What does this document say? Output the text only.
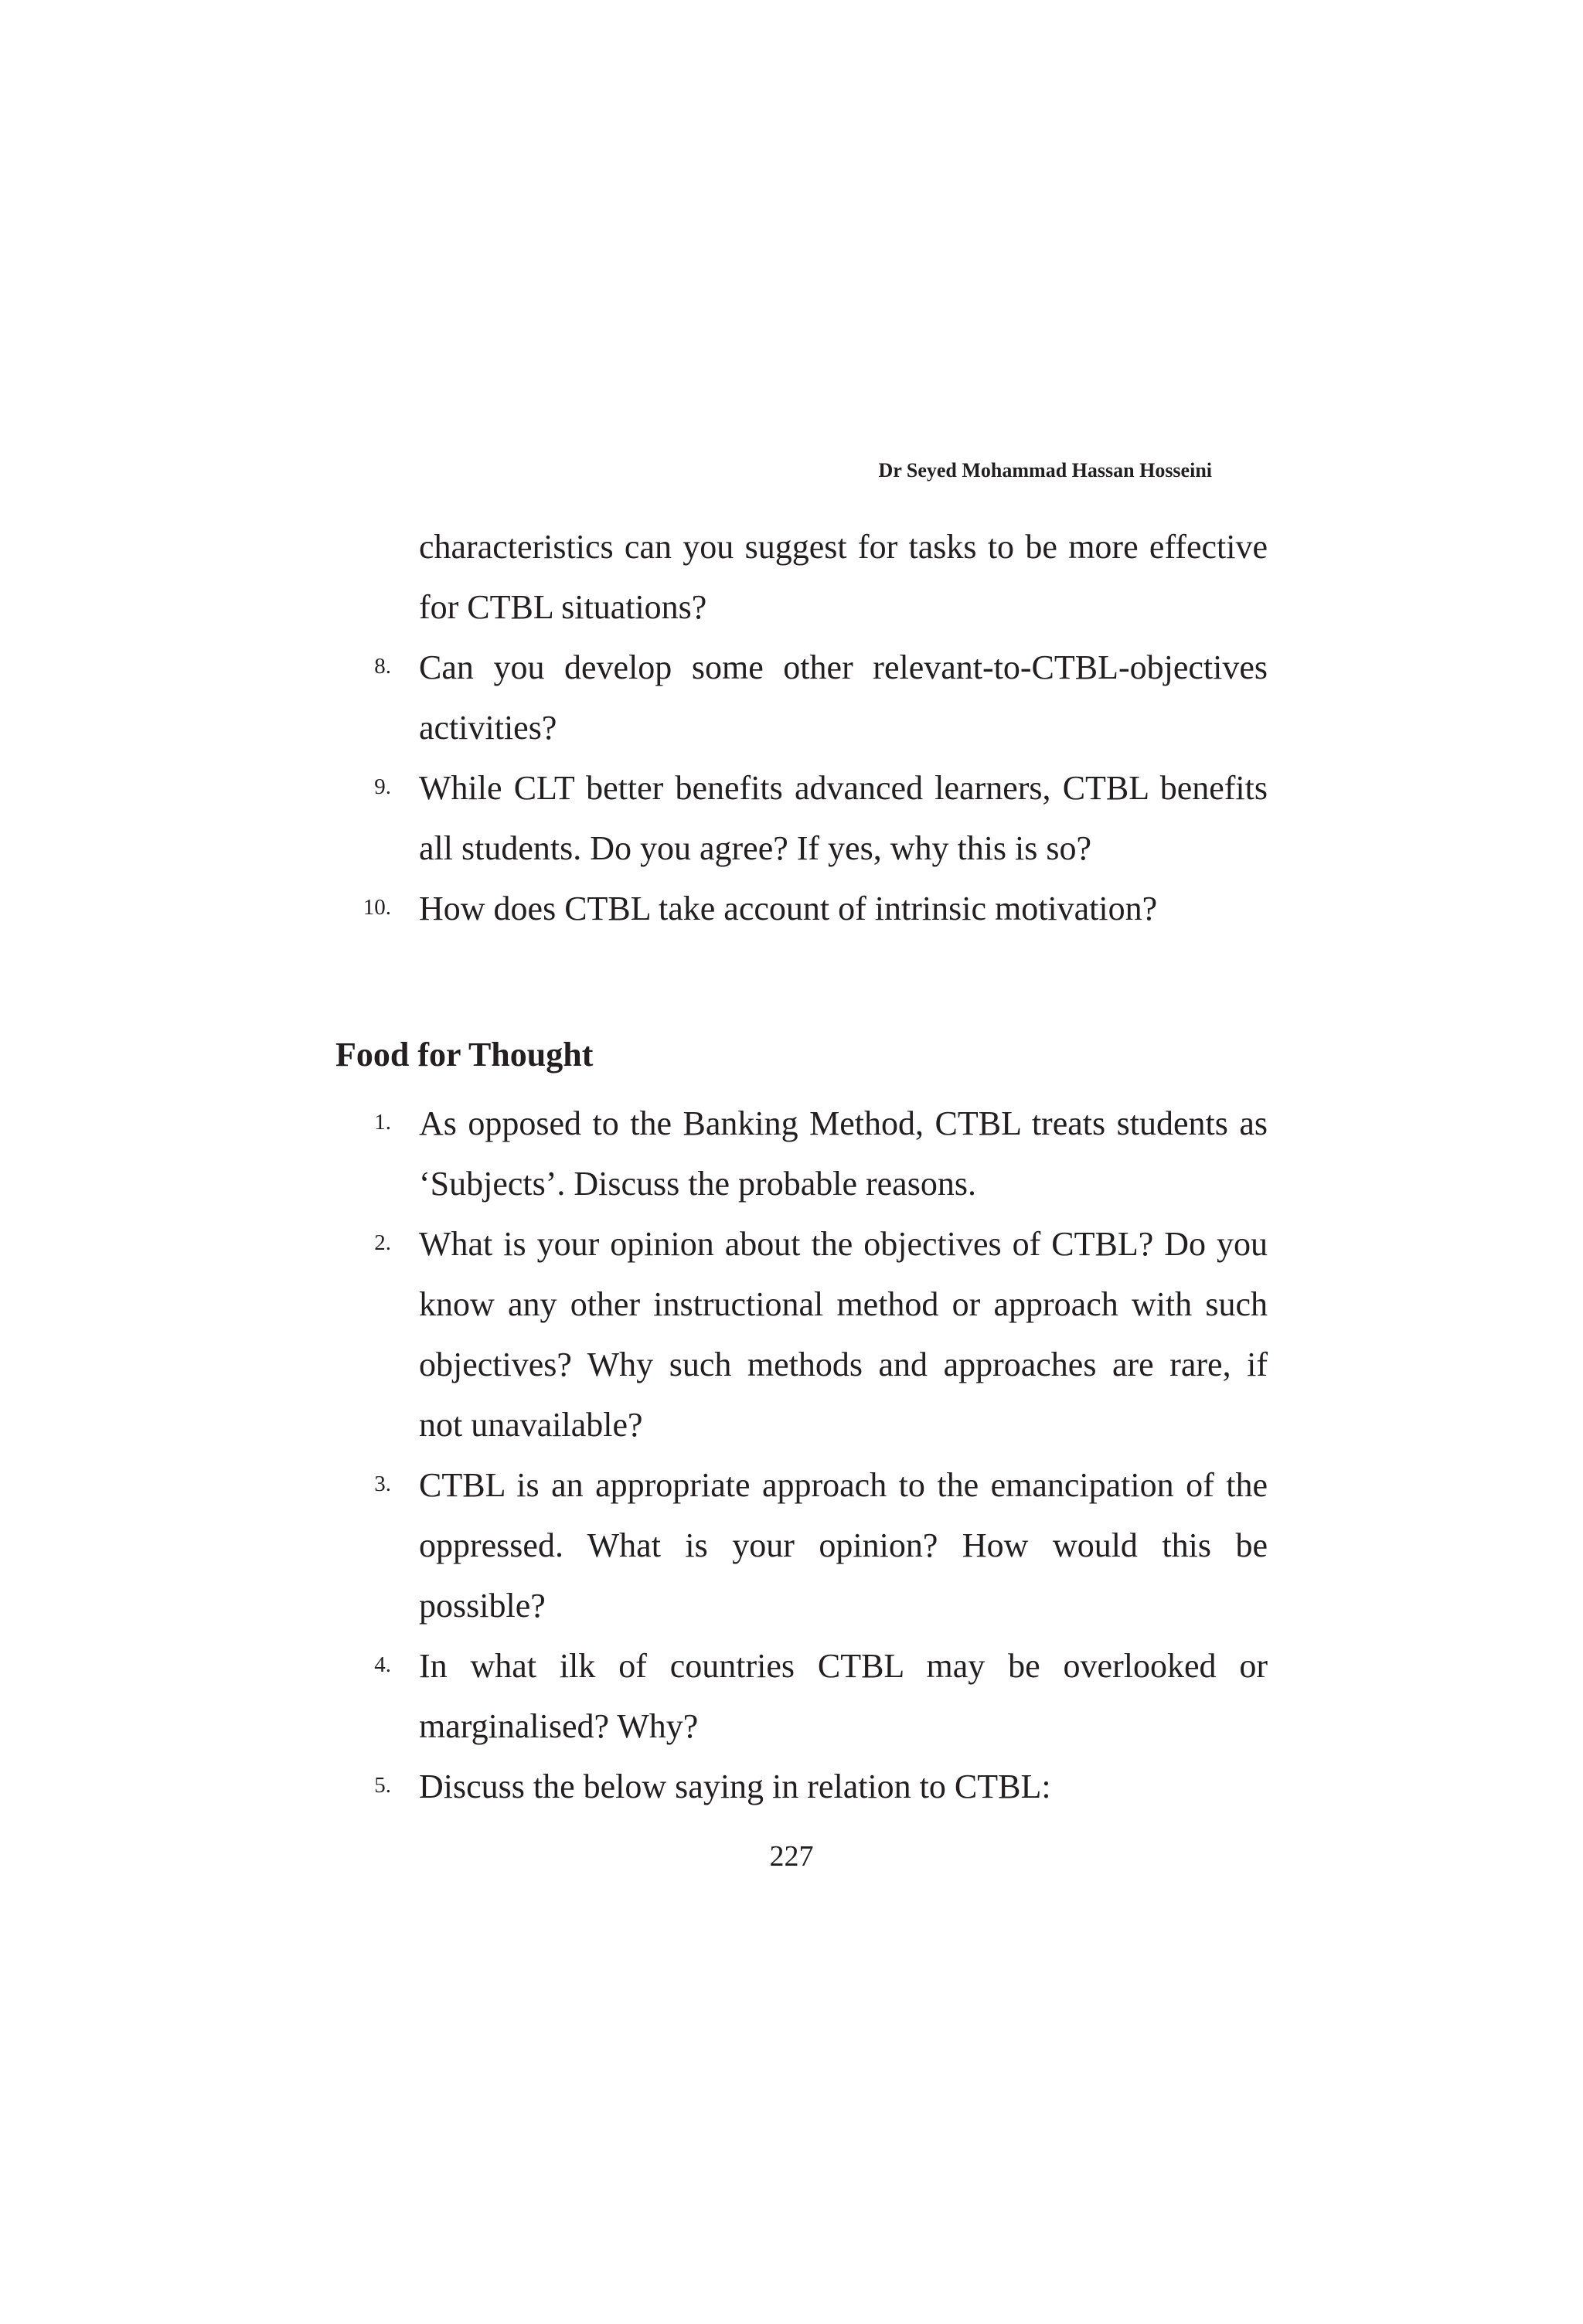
Dr Seyed Mohammad Hassan Hosseini
characteristics can you suggest for tasks to be more effective
for CTBL situations?
8. Can you develop some other relevant-to-CTBL-objectives
activities?
9. While CLT better benefits advanced learners, CTBL benefits
all students. Do you agree? If yes, why this is so?
10. How does CTBL take account of intrinsic motivation?
Food for Thought
1. As opposed to the Banking Method, CTBL treats students as
‘Subjects’. Discuss the probable reasons.
2. What is your opinion about the objectives of CTBL? Do you
know any other instructional method or approach with such
objectives? Why such methods and approaches are rare, if
not unavailable?
3. CTBL is an appropriate approach to the emancipation of the
oppressed. What is your opinion? How would this be
possible?
4. In what ilk of countries CTBL may be overlooked or
marginalised? Why?
5. Discuss the below saying in relation to CTBL:
227
